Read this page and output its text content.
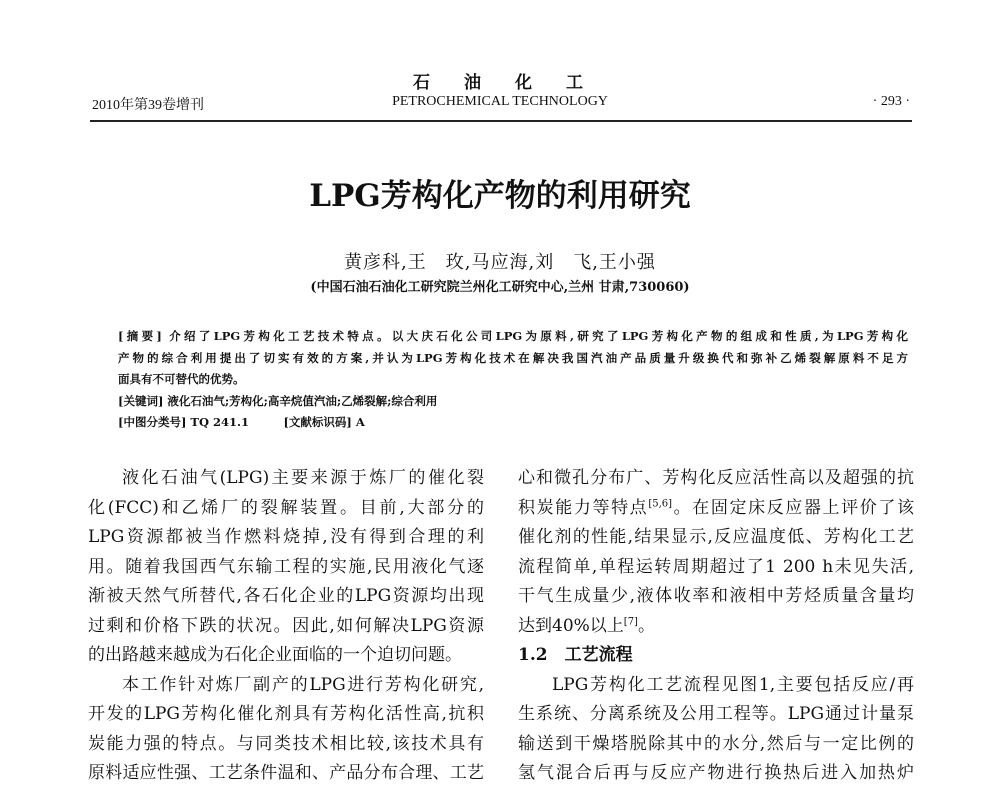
石油化工
2010年第39卷增刊	PETROCHEMICAL TECHNOLOGY	· 293 ·
LPG芳构化产物的利用研究
黄彦科,王　玫,马应海,刘　飞,王小强
(中国石油石油化工研究院兰州化工研究中心,兰州 甘肃,730060)
[摘要] 介绍了LPG芳构化工艺技术特点。以大庆石化公司LPG为原料,研究了LPG芳构化产物的组成和性质,为LPG芳构化
产物的综合利用提出了切实有效的方案,并认为LPG芳构化技术在解决我国汽油产品质量升级换代和弥补乙烯裂解原料不足方
面具有不可替代的优势。
[关键词] 液化石油气;芳构化;高辛烷值汽油;乙烯裂解;综合利用
[中图分类号] TQ 241.1　　　[文献标识码] A
液化石油气(LPG)主要来源于炼厂的催化裂
化(FCC)和乙烯厂的裂解装置。目前,大部分的
LPG资源都被当作燃料烧掉,没有得到合理的利
用。随着我国西气东输工程的实施,民用液化气逐
渐被天然气所替代,各石化企业的LPG资源均出现
过剩和价格下跌的状况。因此,如何解决LPG资源
的出路越来越成为石化企业面临的一个迫切问题。
本工作针对炼厂副产的LPG进行芳构化研究,
开发的LPG芳构化催化剂具有芳构化活性高,抗积
炭能力强的特点。与同类技术相比较,该技术具有
原料适应性强、工艺条件温和、产品分布合理、工艺
心和微孔分布广、芳构化反应活性高以及超强的抗
积炭能力等特点[5,6]。在固定床反应器上评价了该
催化剂的性能,结果显示,反应温度低、芳构化工艺
流程简单,单程运转周期超过了1 200 h未见失活,
干气生成量少,液体收率和液相中芳烃质量含量均
达到40%以上[7]。
1.2　工艺流程
LPG芳构化工艺流程见图1,主要包括反应/再
生系统、分离系统及公用工程等。LPG通过计量泵
输送到干燥塔脱除其中的水分,然后与一定比例的
氢气混合后再与反应产物进行换热后进入加热炉
